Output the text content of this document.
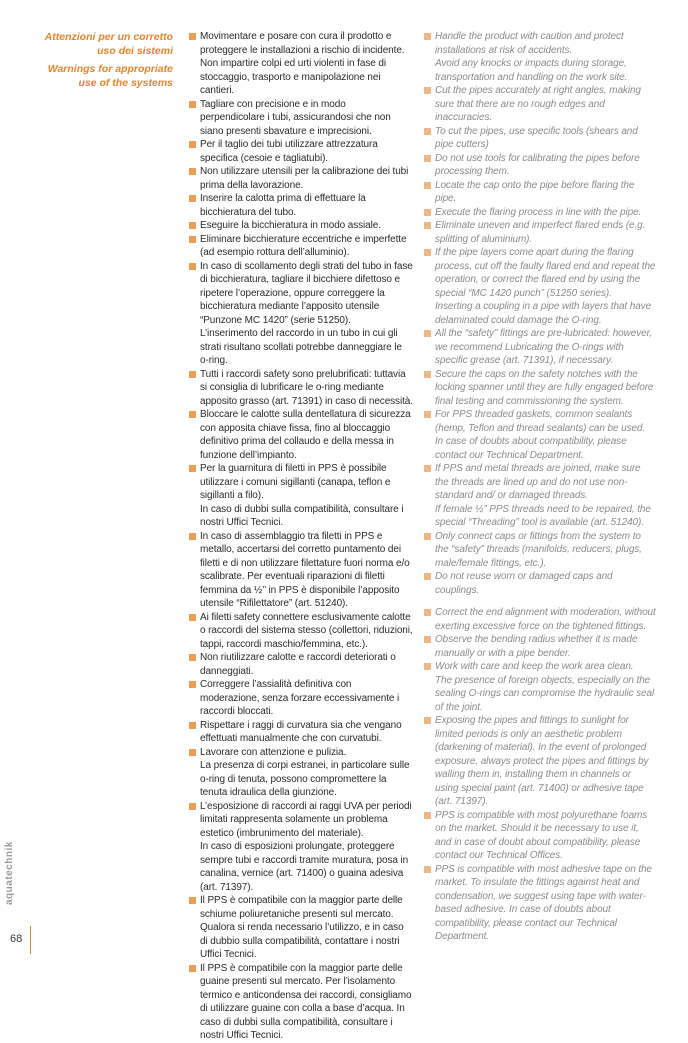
Attenzioni per un corretto uso dei sistemi
Warnings for appropriate use of the systems

Movimentare e posare con cura il prodotto e proteggere le installazioni a rischio di incidente.

Non impartire colpi ed urti violenti in fase di stoccaggio, trasporto e manipolazione nei cantieri.

Tagliare con precisione e in modo perpendicolare i tubi, assicurandosi che non siano presenti sbavature e imprecisioni.

Per il taglio dei tubi utilizzare attrezzatura specifica (cesoie e tagliatubi).

Non utilizzare utensili per la calibrazione dei tubi prima della lavorazione.

Inserire la calotta prima di effettuare la bicchieratura del tubo.

Eseguire la bicchieratura in modo assiale.

Eliminare bicchierature eccentriche e imperfette (ad esempio rottura dell’alluminio).

In caso di scollamento degli strati del tubo in fase di bicchieratura, tagliare il bicchiere difettoso e ripetere l’operazione, oppure correggere la bicchieratura mediante l’apposito utensile “Punzone MC 1420” (serie 51250).

L’inserimento del raccordo in un tubo in cui gli strati risultano scollati potrebbe danneggiare le o-ring.

Tutti i raccordi safety sono prelubrificati: tuttavia si consiglia di lubrificare le o-ring mediante apposito grasso (art. 71391) in caso di necessità.

Bloccare le calotte sulla dentellatura di sicurezza con apposita chiave fissa, fino al bloccaggio definitivo prima del collaudo e della messa in funzione dell’impianto.

Per la guarnitura di filetti in PPS è possibile utilizzare i comuni sigillanti (canapa, teflon e sigillanti a filo).

In caso di dubbi sulla compatibilità, consultare i nostri Uffici Tecnici.

In caso di assemblaggio tra filetti in PPS e metallo, accertarsi del corretto puntamento dei filetti e di non utilizzare filettature fuori norma e/o scalibrate. Per eventuali riparazioni di filetti femmina da ½’’ in PPS è disponibile l’apposito utensile “Rifilettatore” (art. 51240).

Ai filetti safety connettere esclusivamente calotte o raccordi del sistema stesso (collettori, riduzioni, tappi, raccordi maschio/femmina, etc.).

Non riutilizzare calotte e raccordi deteriorati o danneggiati.

Correggere l’assialità definitiva con moderazione, senza forzare eccessivamente i raccordi bloccati.

Rispettare i raggi di curvatura sia che vengano effettuati manualmente che con curvatubi.

Lavorare con attenzione e pulizia.

La presenza di corpi estranei, in particolare sulle o-ring di tenuta, possono compromettere la tenuta idraulica della giunzione.

L’esposizione di raccordi ai raggi UVA per periodi limitati rappresenta solamente un problema estetico (imbrunimento del materiale).

In caso di esposizioni prolungate, proteggere sempre tubi e raccordi tramite muratura, posa in canalina, vernice (art. 71400) o guaina adesiva (art. 71397).

Il PPS è compatibile con la maggior parte delle schiume poliuretaniche presenti sul mercato. Qualora si renda necessario l’utilizzo, e in caso di dubbio sulla compatibilità, contattare i nostri Uffici Tecnici.

Il PPS è compatibile con la maggior parte delle guaine presenti sul mercato. Per l’isolamento termico e anticondensa dei raccordi, consigliamo di utilizzare guaine con colla a base d’acqua. In caso di dubbi sulla compatibilità, consultare i nostri Uffici Tecnici.

Handle the product with caution and protect installations at risk of accidents.

Avoid any knocks or impacts during storage, transportation and handling on the work site.

Cut the pipes accurately at right angles, making sure that there are no rough edges and inaccuracies.

To cut the pipes, use specific tools (shears and pipe cutters)

Do not use tools for calibrating the pipes before processing them.

Locate the cap onto the pipe before flaring the pipe.

Execute the flaring process in line with the pipe.

Eliminate uneven and imperfect flared ends (e.g. splitting of aluminium).

If the pipe layers come apart during the flaring process, cut off the faulty flared end and repeat the operation, or correct the flared end by using the special “MC 1420 punch” (51250 series).

Inserting a coupling in a pipe with layers that have delaminated could damage the O-ring.

All the “safety” fittings are pre-lubricated: however, we recommend Lubricating the O-rings with specific grease (art. 71391), if necessary.

Secure the caps on the safety notches with the locking spanner until they are fully engaged before final testing and commissioning the system.

For PPS threaded gaskets, common sealants (hemp, Teflon and thread sealants) can be used.

In case of doubts about compatibility, please contact our Technical Department.

If PPS and metal threads are joined, make sure the threads are lined up and do not use non-standard and/ or damaged threads.

If female ½” PPS threads need to be repaired, the special “Threading” tool is available (art. 51240).

Only connect caps or fittings from the system to the “safety” threads (manifolds, reducers, plugs, male/female fittings, etc.).

Do not reuse worn or damaged caps and couplings.

Correct the end alignment with moderation, without exerting excessive force on the tightened fittings.

Observe the bending radius whether it is made manually or with a pipe bender.

Work with care and keep the work area clean.

The presence of foreign objects, especially on the sealing O-rings can compromise the hydraulic seal of the joint.

Exposing the pipes and fittings to sunlight for limited periods is only an aesthetic problem (darkening of material). In the event of prolonged exposure, always protect the pipes and fittings by walling them in, installing them in channels or using special paint (art. 71400) or adhesive tape (art. 71397).

PPS is compatible with most polyurethane foams on the market. Should it be necessary to use it, and in case of doubt about compatibility, please contact our Technical Offices.

PPS is compatible with most adhesive tape on the market. To insulate the fittings against heat and condensation, we suggest using tape with water-based adhesive. In case of doubts about compatibility, please contact our Technical Department.

aquatechnik
68
